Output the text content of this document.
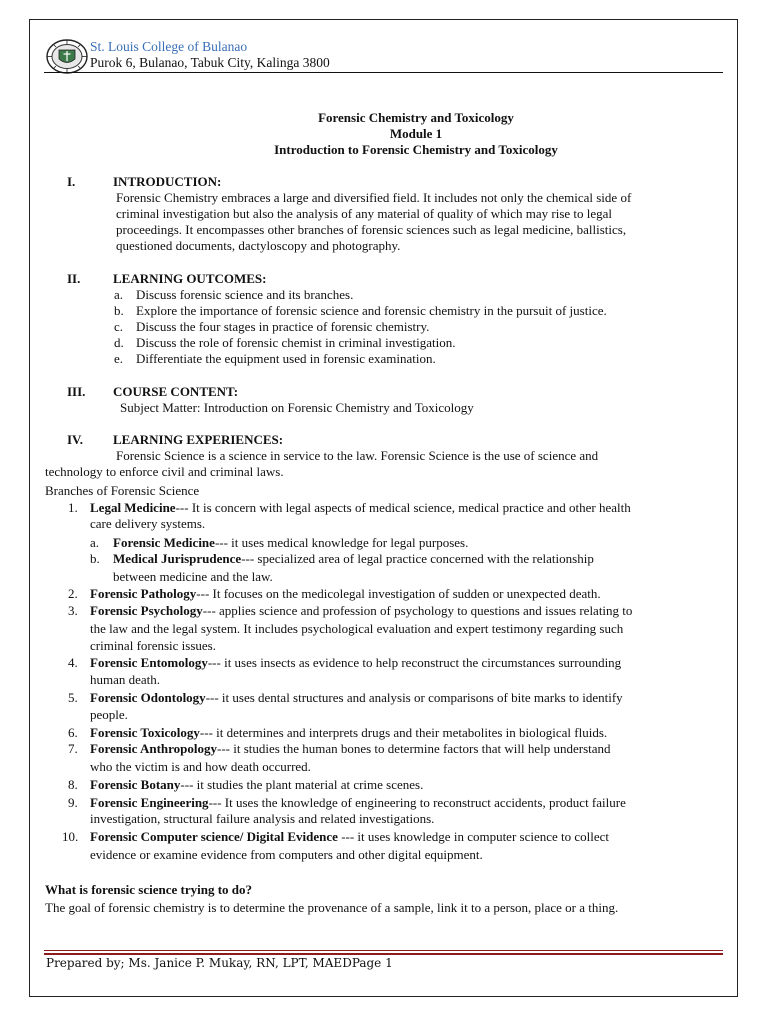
St. Louis College of Bulanao
Purok 6, Bulanao, Tabuk City, Kalinga 3800
Forensic Chemistry and Toxicology
Module 1
Introduction to Forensic Chemistry and Toxicology
I.	INTRODUCTION:
Forensic Chemistry embraces a large and diversified field. It includes not only the chemical side of
criminal investigation but also the analysis of any material of quality of which may rise to legal
proceedings. It encompasses other branches of forensic sciences such as legal medicine, ballistics,
questioned documents, dactyloscopy and photography.
II.	LEARNING OUTCOMES:
a. Discuss forensic science and its branches.
b. Explore the importance of forensic science and forensic chemistry in the pursuit of justice.
c. Discuss the four stages in practice of forensic chemistry.
d. Discuss the role of forensic chemist in criminal investigation.
e. Differentiate the equipment used in forensic examination.
III. COURSE CONTENT:
Subject Matter: Introduction on Forensic Chemistry and Toxicology
IV. LEARNING EXPERIENCES:
Forensic Science is a science in service to the law. Forensic Science is the use of science and
technology to enforce civil and criminal laws.
Branches of Forensic Science
1. Legal Medicine--- It is concern with legal aspects of medical science, medical practice and other health
care delivery systems.
a. Forensic Medicine--- it uses medical knowledge for legal purposes.
b. Medical Jurisprudence--- specialized area of legal practice concerned with the relationship
between medicine and the law.
2. Forensic Pathology--- It focuses on the medicolegal investigation of sudden or unexpected death.
3. Forensic Psychology--- applies science and profession of psychology to questions and issues relating to
the law and the legal system. It includes psychological evaluation and expert testimony regarding such
criminal forensic issues.
4. Forensic Entomology--- it uses insects as evidence to help reconstruct the circumstances surrounding
human death.
5. Forensic Odontology--- it uses dental structures and analysis or comparisons of bite marks to identify
people.
6. Forensic Toxicology--- it determines and interprets drugs and their metabolites in biological fluids.
7. Forensic Anthropology--- it studies the human bones to determine factors that will help understand
who the victim is and how death occurred.
8. Forensic Botany--- it studies the plant material at crime scenes.
9. Forensic Engineering--- It uses the knowledge of engineering to reconstruct accidents, product failure
investigation, structural failure analysis and related investigations.
10. Forensic Computer science/ Digital Evidence --- it uses knowledge in computer science to collect
evidence or examine evidence from computers and other digital equipment.
What is forensic science trying to do?
The goal of forensic chemistry is to determine the provenance of a sample, link it to a person, place or a thing.
Prepared by; Ms. Janice P. Mukay, RN, LPT, MAEDPage 1
